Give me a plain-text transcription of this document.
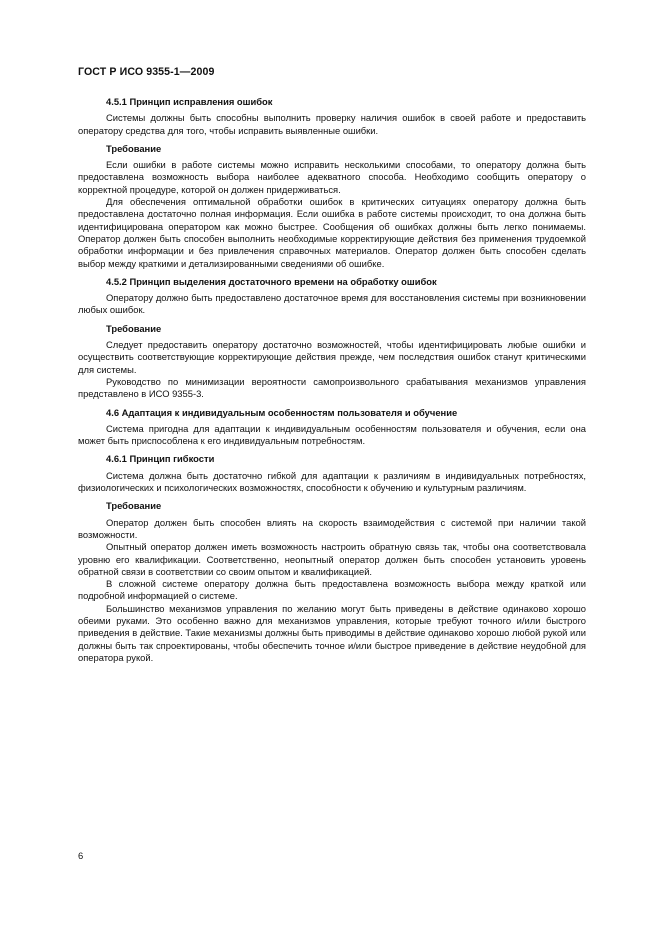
ГОСТ Р ИСО 9355-1—2009

4.5.1 Принцип исправления ошибок

Системы должны быть способны выполнить проверку наличия ошибок в своей работе и предоставить оператору средства для того, чтобы исправить выявленные ошибки.

Требование

Если ошибки в работе системы можно исправить несколькими способами, то оператору должна быть предоставлена возможность выбора наиболее адекватного способа. Необходимо сообщить оператору о корректной процедуре, которой он должен придерживаться.

Для обеспечения оптимальной обработки ошибок в критических ситуациях оператору должна быть предоставлена достаточно полная информация. Если ошибка в работе системы происходит, то она должна быть идентифицирована оператором как можно быстрее. Сообщения об ошибках должны быть легко понимаемы. Оператор должен быть способен выполнить необходимые корректирующие действия без применения трудоемкой обработки информации и без привлечения справочных материалов. Оператор должен быть способен сделать выбор между краткими и детализированными сведениями об ошибке.

4.5.2 Принцип выделения достаточного времени на обработку ошибок

Оператору должно быть предоставлено достаточное время для восстановления системы при возникновении любых ошибок.

Требование

Следует предоставить оператору достаточно возможностей, чтобы идентифицировать любые ошибки и осуществить соответствующие корректирующие действия прежде, чем последствия ошибок станут критическими для системы.

Руководство по минимизации вероятности самопроизвольного срабатывания механизмов управления представлено в ИСО 9355-3.

4.6 Адаптация к индивидуальным особенностям пользователя и обучение

Система пригодна для адаптации к индивидуальным особенностям пользователя и обучения, если она может быть приспособлена к его индивидуальным потребностям.

4.6.1 Принцип гибкости

Система должна быть достаточно гибкой для адаптации к различиям в индивидуальных потребностях, физиологических и психологических возможностях, способности к обучению и культурным различиям.

Требование

Оператор должен быть способен влиять на скорость взаимодействия с системой при наличии такой возможности.

Опытный оператор должен иметь возможность настроить обратную связь так, чтобы она соответствовала уровню его квалификации. Соответственно, неопытный оператор должен быть способен установить уровень обратной связи в соответствии со своим опытом и квалификацией.

В сложной системе оператору должна быть предоставлена возможность выбора между краткой или подробной информацией о системе.

Большинство механизмов управления по желанию могут быть приведены в действие одинаково хорошо обеими руками. Это особенно важно для механизмов управления, которые требуют точного и/или быстрого приведения в действие. Такие механизмы должны быть приводимы в действие одинаково хорошо любой рукой или должны быть так спроектированы, чтобы обеспечить точное и/или быстрое приведение в действие неудобной для оператора рукой.

6
